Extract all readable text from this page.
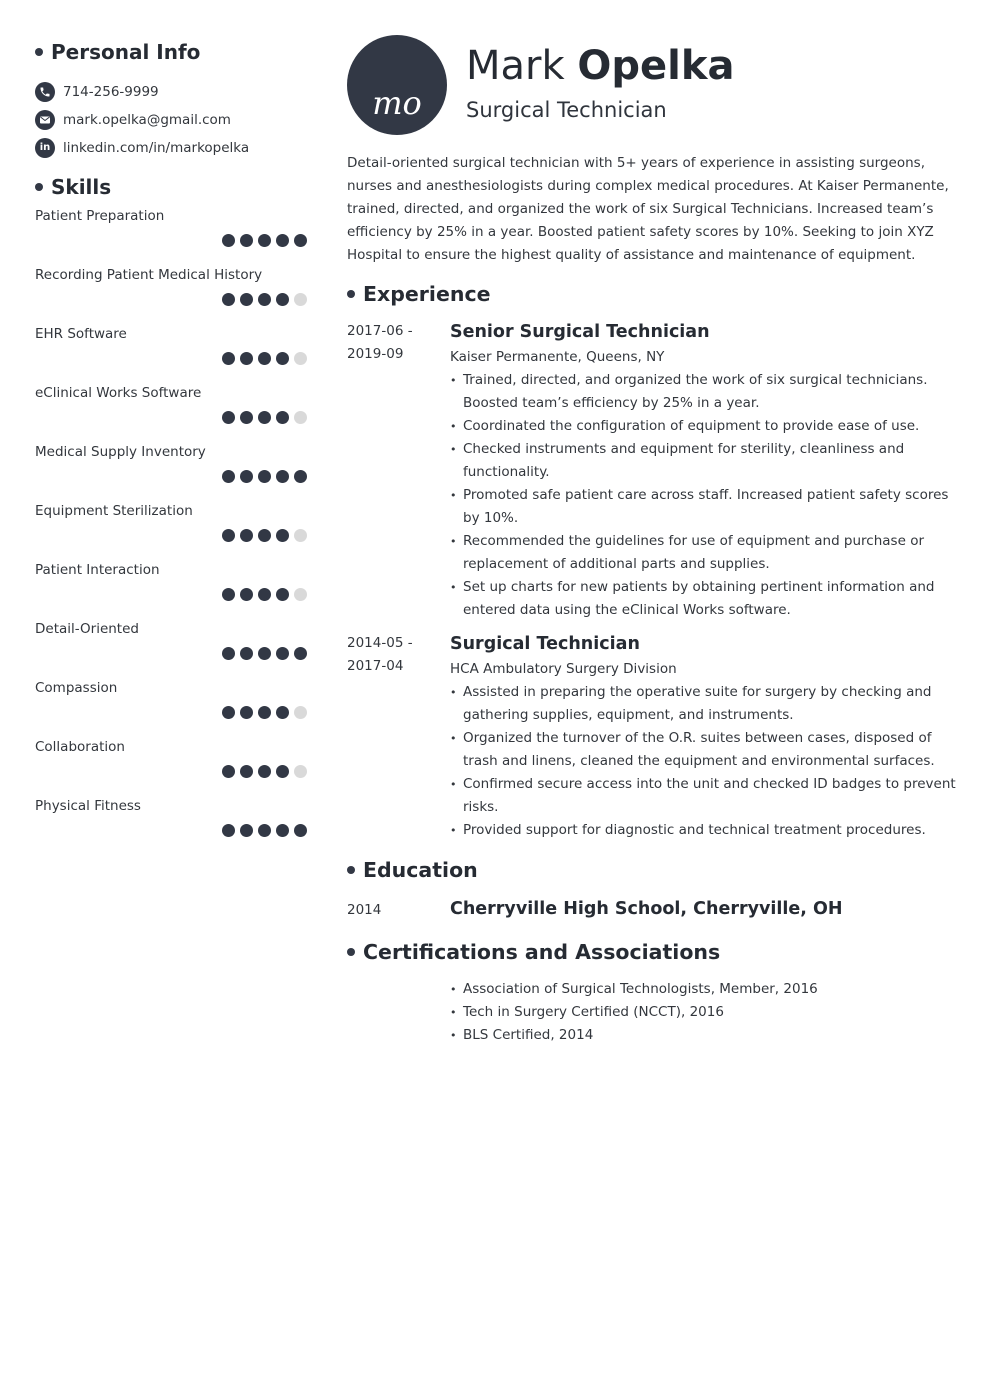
Personal Info
714-256-9999
mark.opelka@gmail.com
in linkedin.com/in/markopelka
Skills
Patient Preparation
Recording Patient Medical History
EHR Software
eClinical Works Software
Medical Supply Inventory
Equipment Sterilization
Patient Interaction
Detail-Oriented
Compassion
Collaboration
Physical Fitness
mo
Mark Opelka
Surgical Technician

Detail-oriented surgical technician with 5+ years of experience in assisting surgeons, nurses and anesthesiologists during complex medical procedures. At Kaiser Permanente, trained, directed, and organized the work of six Surgical Technicians. Increased team’s efficiency by 25% in a year. Boosted patient safety scores by 10%. Seeking to join XYZ Hospital to ensure the highest quality of assistance and maintenance of equipment.

Experience
2017-06 -
2019-09
Senior Surgical Technician
Kaiser Permanente, Queens, NY
• Trained, directed, and organized the work of six surgical technicians. Boosted team’s efficiency by 25% in a year.
• Coordinated the configuration of equipment to provide ease of use.
• Checked instruments and equipment for sterility, cleanliness and functionality.
• Promoted safe patient care across staff. Increased patient safety scores by 10%.
• Recommended the guidelines for use of equipment and purchase or replacement of additional parts and supplies.
• Set up charts for new patients by obtaining pertinent information and entered data using the eClinical Works software.
2014-05 -
2017-04
Surgical Technician
HCA Ambulatory Surgery Division
• Assisted in preparing the operative suite for surgery by checking and gathering supplies, equipment, and instruments.
• Organized the turnover of the O.R. suites between cases, disposed of trash and linens, cleaned the equipment and environmental surfaces.
• Confirmed secure access into the unit and checked ID badges to prevent risks.
• Provided support for diagnostic and technical treatment procedures.
Education
2014	Cherryville High School, Cherryville, OH
Certifications and Associations
• Association of Surgical Technologists, Member, 2016
• Tech in Surgery Certified (NCCT), 2016
• BLS Certified, 2014
